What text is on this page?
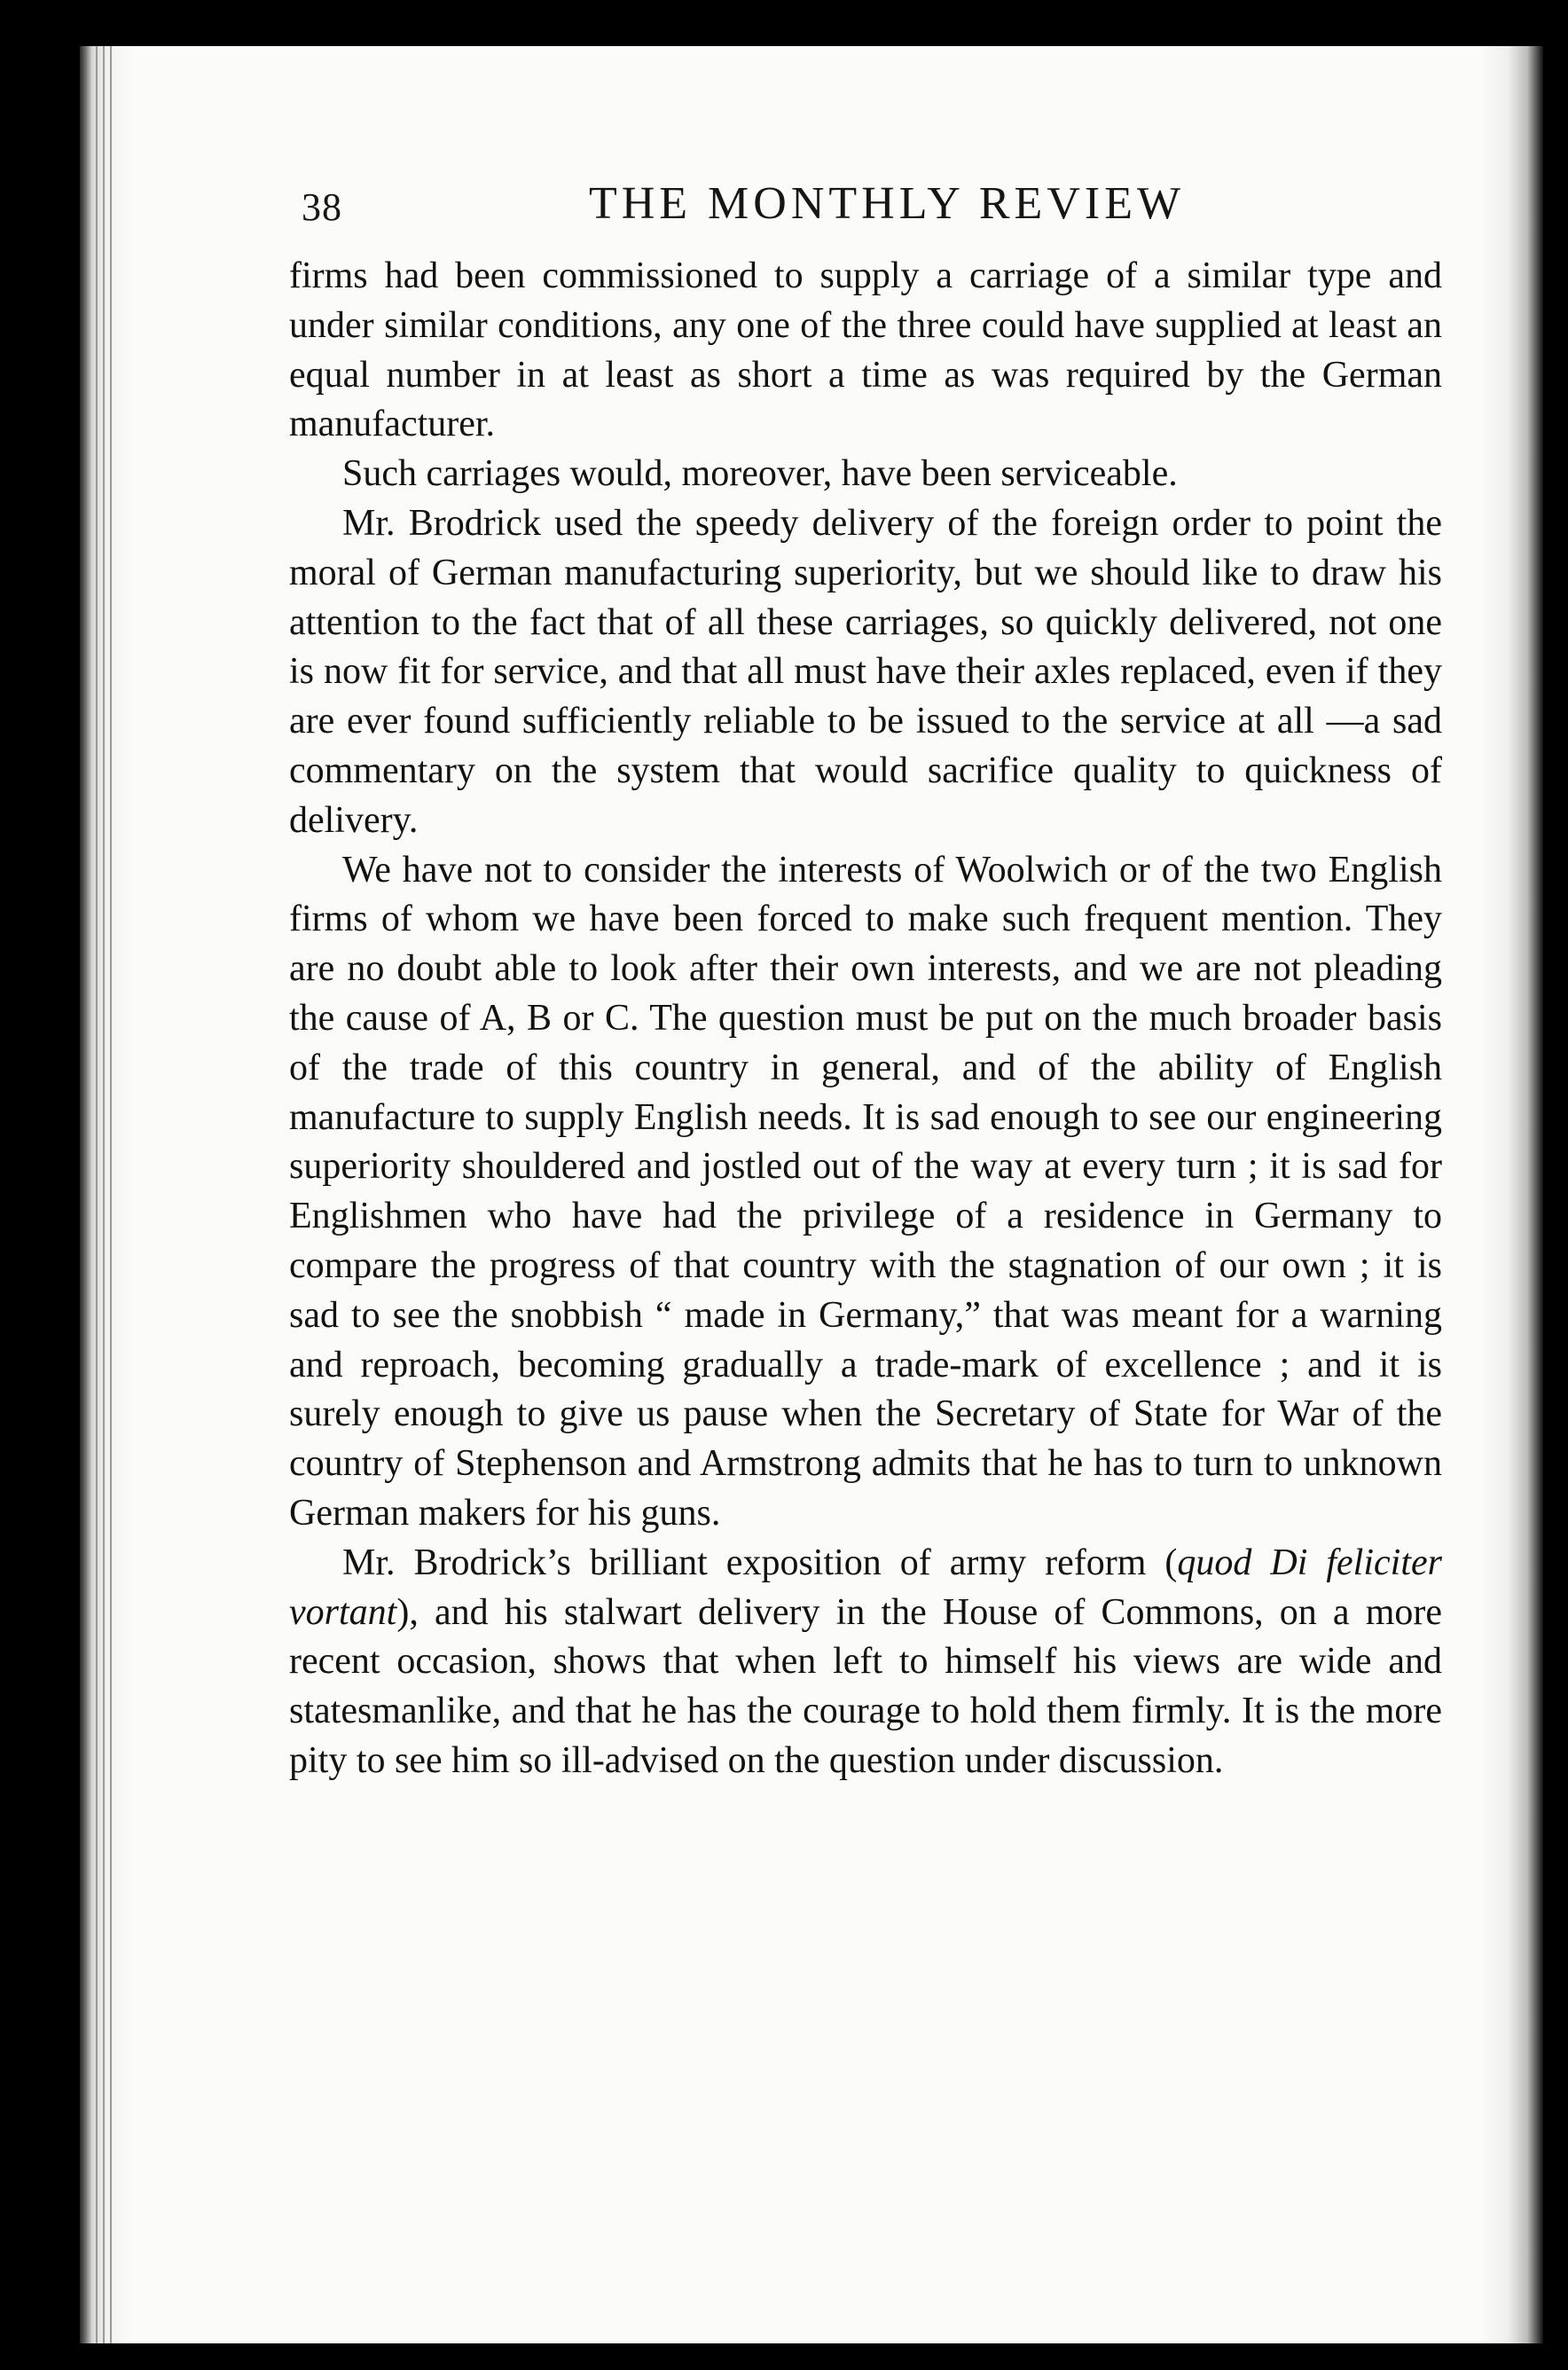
38	THE MONTHLY REVIEW

firms had been commissioned to supply a carriage of a similar type and under similar conditions, any one of the three could have supplied at least an equal number in at least as short a time as was required by the German manufacturer.

Such carriages would, moreover, have been serviceable.

Mr. Brodrick used the speedy delivery of the foreign order to point the moral of German manufacturing superiority, but we should like to draw his attention to the fact that of all these carriages, so quickly delivered, not one is now fit for service, and that all must have their axles replaced, even if they are ever found sufficiently reliable to be issued to the service at all —a sad commentary on the system that would sacrifice quality to quickness of delivery.

We have not to consider the interests of Woolwich or of the two English firms of whom we have been forced to make such frequent mention. They are no doubt able to look after their own interests, and we are not pleading the cause of A, B or C. The question must be put on the much broader basis of the trade of this country in general, and of the ability of English manufacture to supply English needs. It is sad enough to see our engineering superiority shouldered and jostled out of the way at every turn ; it is sad for Englishmen who have had the privilege of a residence in Germany to compare the progress of that country with the stagnation of our own ; it is sad to see the snobbish “ made in Germany,” that was meant for a warning and reproach, becoming gradually a trade-mark of excellence ; and it is surely enough to give us pause when the Secretary of State for War of the country of Stephenson and Armstrong admits that he has to turn to unknown German makers for his guns.

Mr. Brodrick’s brilliant exposition of army reform (quod Di feliciter vortant), and his stalwart delivery in the House of Commons, on a more recent occasion, shows that when left to himself his views are wide and statesmanlike, and that he has the courage to hold them firmly. It is the more pity to see him so ill-advised on the question under discussion.
